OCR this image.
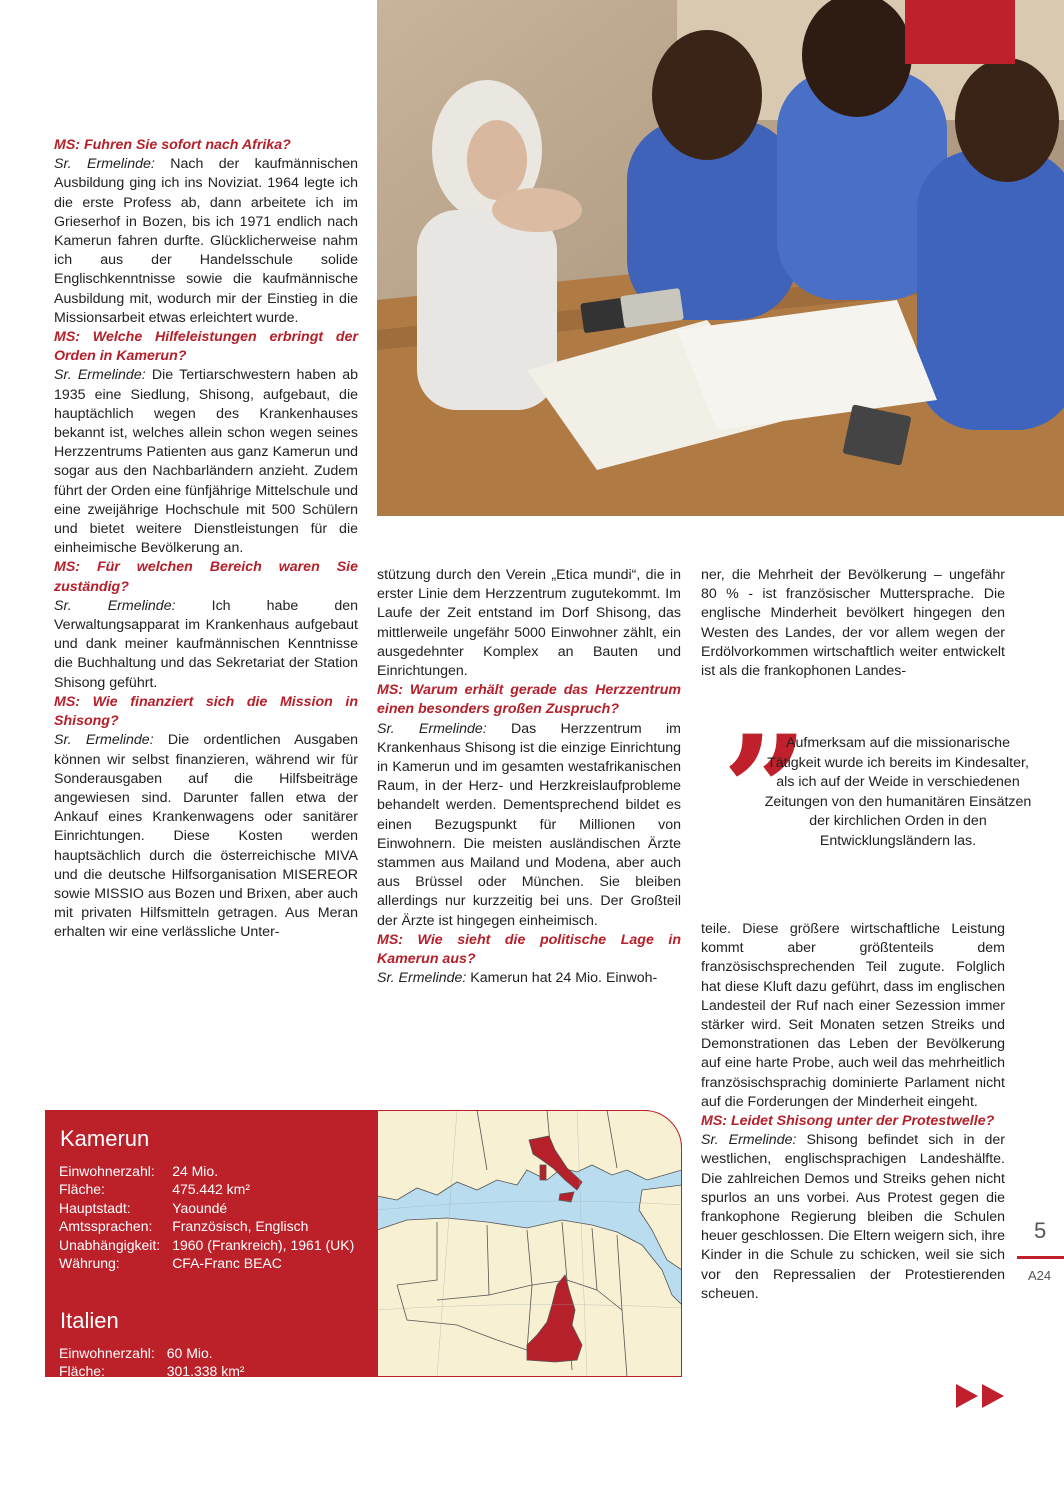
MS: Fuhren Sie sofort nach Afrika?

Sr. Ermelinde: Nach der kaufmännischen Ausbildung ging ich ins Noviziat. 1964 legte ich die erste Profess ab, dann arbeitete ich im Grieserhof in Bozen, bis ich 1971 endlich nach Kamerun fahren durfte. Glücklicherweise nahm ich aus der Handelsschule solide Englischkenntnisse sowie die kaufmännische Ausbildung mit, wodurch mir der Einstieg in die Missionsarbeit etwas erleichtert wurde.

MS: Welche Hilfeleistungen erbringt der Orden in Kamerun?

Sr. Ermelinde: Die Tertiarschwestern haben ab 1935 eine Siedlung, Shisong, aufgebaut, die hauptächlich wegen des Krankenhauses bekannt ist, welches allein schon wegen seines Herzzentrums Patienten aus ganz Kamerun und sogar aus den Nachbarländern anzieht. Zudem führt der Orden eine fünfjährige Mittelschule und eine zweijährige Hochschule mit 500 Schülern und bietet weitere Dienstleistungen für die einheimische Bevölkerung an.

MS: Für welchen Bereich waren Sie zuständig?

Sr. Ermelinde: Ich habe den Verwaltungsapparat im Krankenhaus aufgebaut und dank meiner kaufmännischen Kenntnisse die Buchhaltung und das Sekretariat der Station Shisong geführt.

MS: Wie finanziert sich die Mission in Shisong?

Sr. Ermelinde: Die ordentlichen Ausgaben können wir selbst finanzieren, während wir für Sonderausgaben auf die Hilfsbeiträge angewiesen sind. Darunter fallen etwa der Ankauf eines Krankenwagens oder sanitärer Einrichtungen. Diese Kosten werden hauptsächlich durch die österreichische MIVA und die deutsche Hilfsorganisation MISEREOR sowie MISSIO aus Bozen und Brixen, aber auch mit privaten Hilfsmitteln getragen. Aus Meran erhalten wir eine verlässliche Unter-

stützung durch den Verein „Etica mundi“, die in erster Linie dem Herzzentrum zugutekommt. Im Laufe der Zeit entstand im Dorf Shisong, das mittlerweile ungefähr 5000 Einwohner zählt, ein ausgedehnter Komplex an Bauten und Einrichtungen.

MS: Warum erhält gerade das Herzzentrum einen besonders großen Zuspruch?

Sr. Ermelinde: Das Herzzentrum im Krankenhaus Shisong ist die einzige Einrichtung in Kamerun und im gesamten westafrikanischen Raum, in der Herz- und Herzkreislaufprobleme behandelt werden. Dementsprechend bildet es einen Bezugspunkt für Millionen von Einwohnern. Die meisten ausländischen Ärzte stammen aus Mailand und Modena, aber auch aus Brüssel oder München. Sie bleiben allerdings nur kurzzeitig bei uns. Der Großteil der Ärzte ist hingegen einheimisch.

MS: Wie sieht die politische Lage in Kamerun aus?

Sr. Ermelinde: Kamerun hat 24 Mio. Einwoh-

ner, die Mehrheit der Bevölkerung – ungefähr 80 % - ist französischer Muttersprache. Die englische Minderheit bevölkert hingegen den Westen des Landes, der vor allem wegen der Erdölvorkommen wirtschaftlich weiter entwickelt ist als die frankophonen Landes-

”
Aufmerksam auf die missionarische Tätigkeit wurde ich bereits im Kindesalter, als ich auf der Weide in verschiedenen Zeitungen von den humanitären Einsätzen der kirchlichen Orden in den Entwicklungsländern las.

teile. Diese größere wirtschaftliche Leistung kommt aber größtenteils dem französischsprechenden Teil zugute. Folglich hat diese Kluft dazu geführt, dass im englischen Landesteil der Ruf nach einer Sezession immer stärker wird. Seit Monaten setzen Streiks und Demonstrationen das Leben der Bevölkerung auf eine harte Probe, auch weil das mehrheitlich französischsprachig dominierte Parlament nicht auf die Forderungen der Minderheit eingeht.

MS: Leidet Shisong unter der Protestwelle?

Sr. Ermelinde: Shisong befindet sich in der westlichen, englischsprachigen Landeshälfte. Die zahlreichen Demos und Streiks gehen nicht spurlos an uns vorbei. Aus Protest gegen die frankophone Regierung bleiben die Schulen heuer geschlossen. Die Eltern weigern sich, ihre Kinder in die Schule zu schicken, weil sie sich vor den Repressalien der Protestierenden scheuen.

Kamerun
Einwohnerzahl:	24 Mio.
Fläche:	475.442 km²
Hauptstadt:	Yaoundé
Amtssprachen:	Französisch, Englisch
Unabhängigkeit:	1960 (Frankreich), 1961 (UK)
Währung:	CFA-Franc BEAC
Italien
Einwohnerzahl:	60 Mio.
Fläche:	301.338 km²
5
A24
